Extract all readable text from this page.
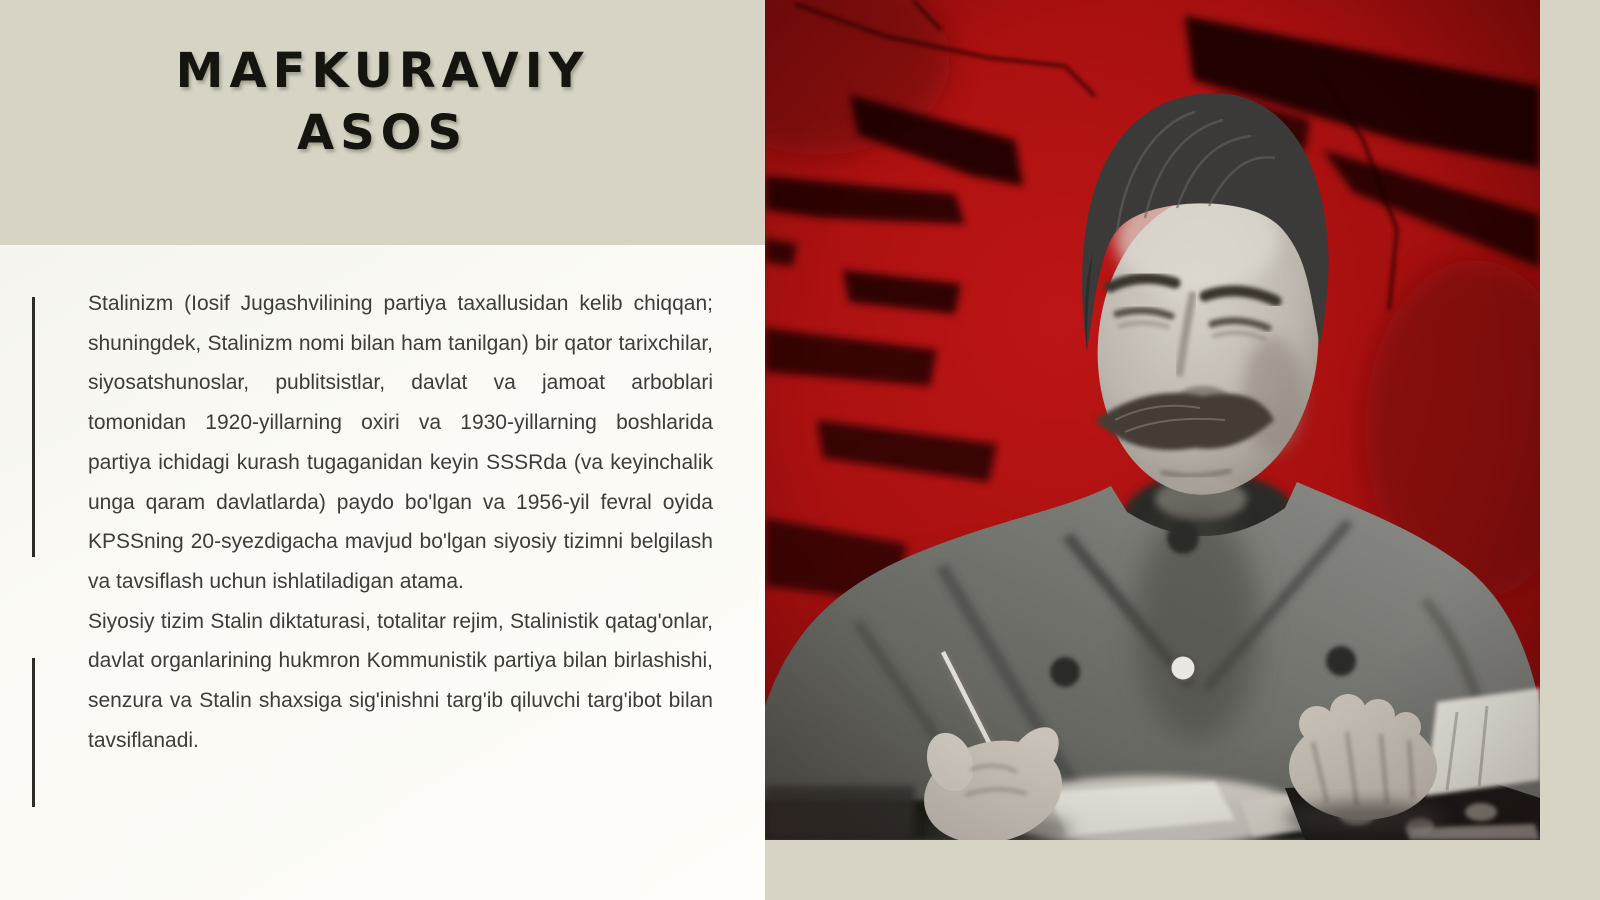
MAFKURAVIY
ASOS

Stalinizm (Iosif Jugashvilining partiya taxallusidan kelib chiqqan; shuningdek, Stalinizm nomi bilan ham tanilgan) bir qator tarixchilar, siyosatshunoslar, publitsistlar, davlat va jamoat arboblari tomonidan 1920-yillarning oxiri va 1930-yillarning boshlarida partiya ichidagi kurash tugaganidan keyin SSSRda (va keyinchalik unga qaram davlatlarda) paydo bo'lgan va 1956-yil fevral oyida KPSSning 20-syezdigacha mavjud bo'lgan siyosiy tizimni belgilash va tavsiflash uchun ishlatiladigan atama.

Siyosiy tizim Stalin diktaturasi, totalitar rejim, Stalinistik qatag'onlar, davlat organlarining hukmron Kommunistik partiya bilan birlashishi, senzura va Stalin shaxsiga sig'inishni targ'ib qiluvchi targ'ibot bilan tavsiflanadi.
